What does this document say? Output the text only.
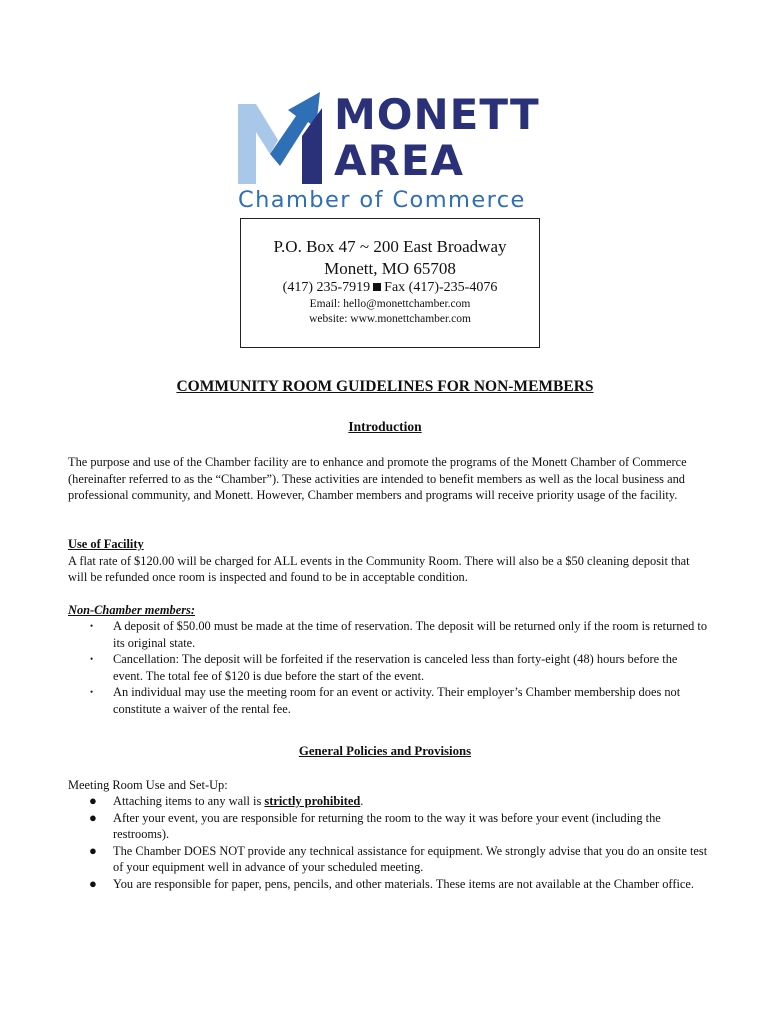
MONETT
AREA
Chamber of Commerce
P.O. Box 47 ~ 200 East Broadway
Monett, MO 65708
(417) 235-7919 Fax (417)-235-4076
Email: hello@monettchamber.com
website: www.monettchamber.com
COMMUNITY ROOM GUIDELINES FOR NON-MEMBERS
Introduction
The purpose and use of the Chamber facility are to enhance and promote the programs of the Monett Chamber of Commerce (hereinafter referred to as the “Chamber”). These activities are intended to benefit members as well as the local business and professional community, and Monett. However, Chamber members and programs will receive priority usage of the facility.
Use of Facility
A flat rate of $120.00 will be charged for ALL events in the Community Room. There will also be a $50 cleaning deposit that will be refunded once room is inspected and found to be in acceptable condition.
Non-Chamber members:
• A deposit of $50.00 must be made at the time of reservation. The deposit will be returned only if the room is returned to its original state.
• Cancellation: The deposit will be forfeited if the reservation is canceled less than forty-eight (48) hours before the event. The total fee of $120 is due before the start of the event.
• An individual may use the meeting room for an event or activity. Their employer’s Chamber membership does not constitute a waiver of the rental fee.
General Policies and Provisions
Meeting Room Use and Set-Up:
● Attaching items to any wall is strictly prohibited.
● After your event, you are responsible for returning the room to the way it was before your event (including the restrooms).
● The Chamber DOES NOT provide any technical assistance for equipment. We strongly advise that you do an onsite test of your equipment well in advance of your scheduled meeting.
● You are responsible for paper, pens, pencils, and other materials. These items are not available at the Chamber office.
